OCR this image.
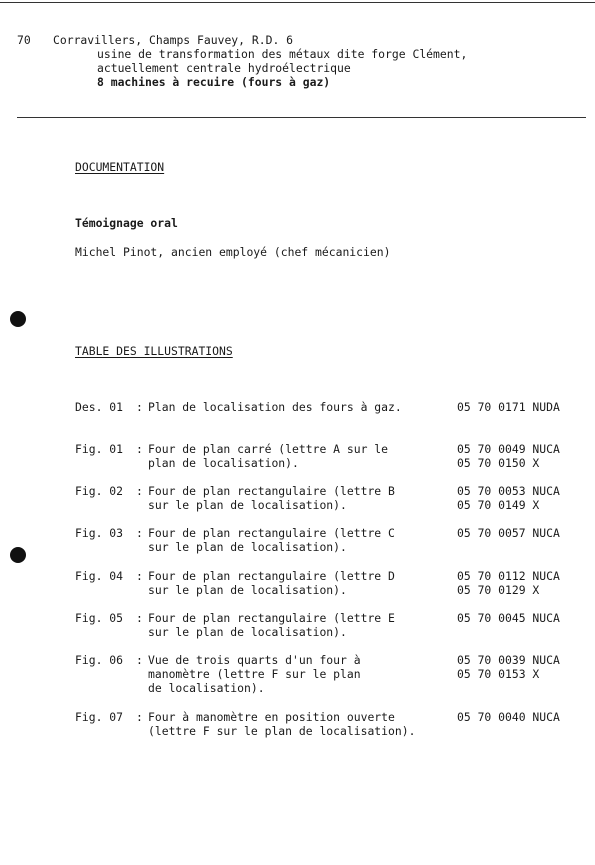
70 Corravillers, Champs Fauvey, R.D. 6
usine de transformation des métaux dite forge Clément,
actuellement centrale hydroélectrique
8 machines à recuire (fours à gaz)
DOCUMENTATION
Témoignage oral
Michel Pinot, ancien employé (chef mécanicien)
TABLE DES ILLUSTRATIONS
Des. 01 : Plan de localisation des fours à gaz.	05 70 0171 NUDA
Fig. 01 : Four de plan carré (lettre A sur le
plan de localisation).
05 70 0049 NUCA
05 70 0150 X
Fig. 02 : Four de plan rectangulaire (lettre B
sur le plan de localisation).
05 70 0053 NUCA
05 70 0149 X
Fig. 03 : Four de plan rectangulaire (lettre C
sur le plan de localisation).
05 70 0057 NUCA
Fig. 04 : Four de plan rectangulaire (lettre D
sur le plan de localisation).
05 70 0112 NUCA
05 70 0129 X
Fig. 05 : Four de plan rectangulaire (lettre E
sur le plan de localisation).
05 70 0045 NUCA
Fig. 06 : Vue de trois quarts d'un four à
manomètre (lettre F sur le plan
de localisation).
05 70 0039 NUCA
05 70 0153 X
Fig. 07 : Four à manomètre en position ouverte
(lettre F sur le plan de localisation).
05 70 0040 NUCA
